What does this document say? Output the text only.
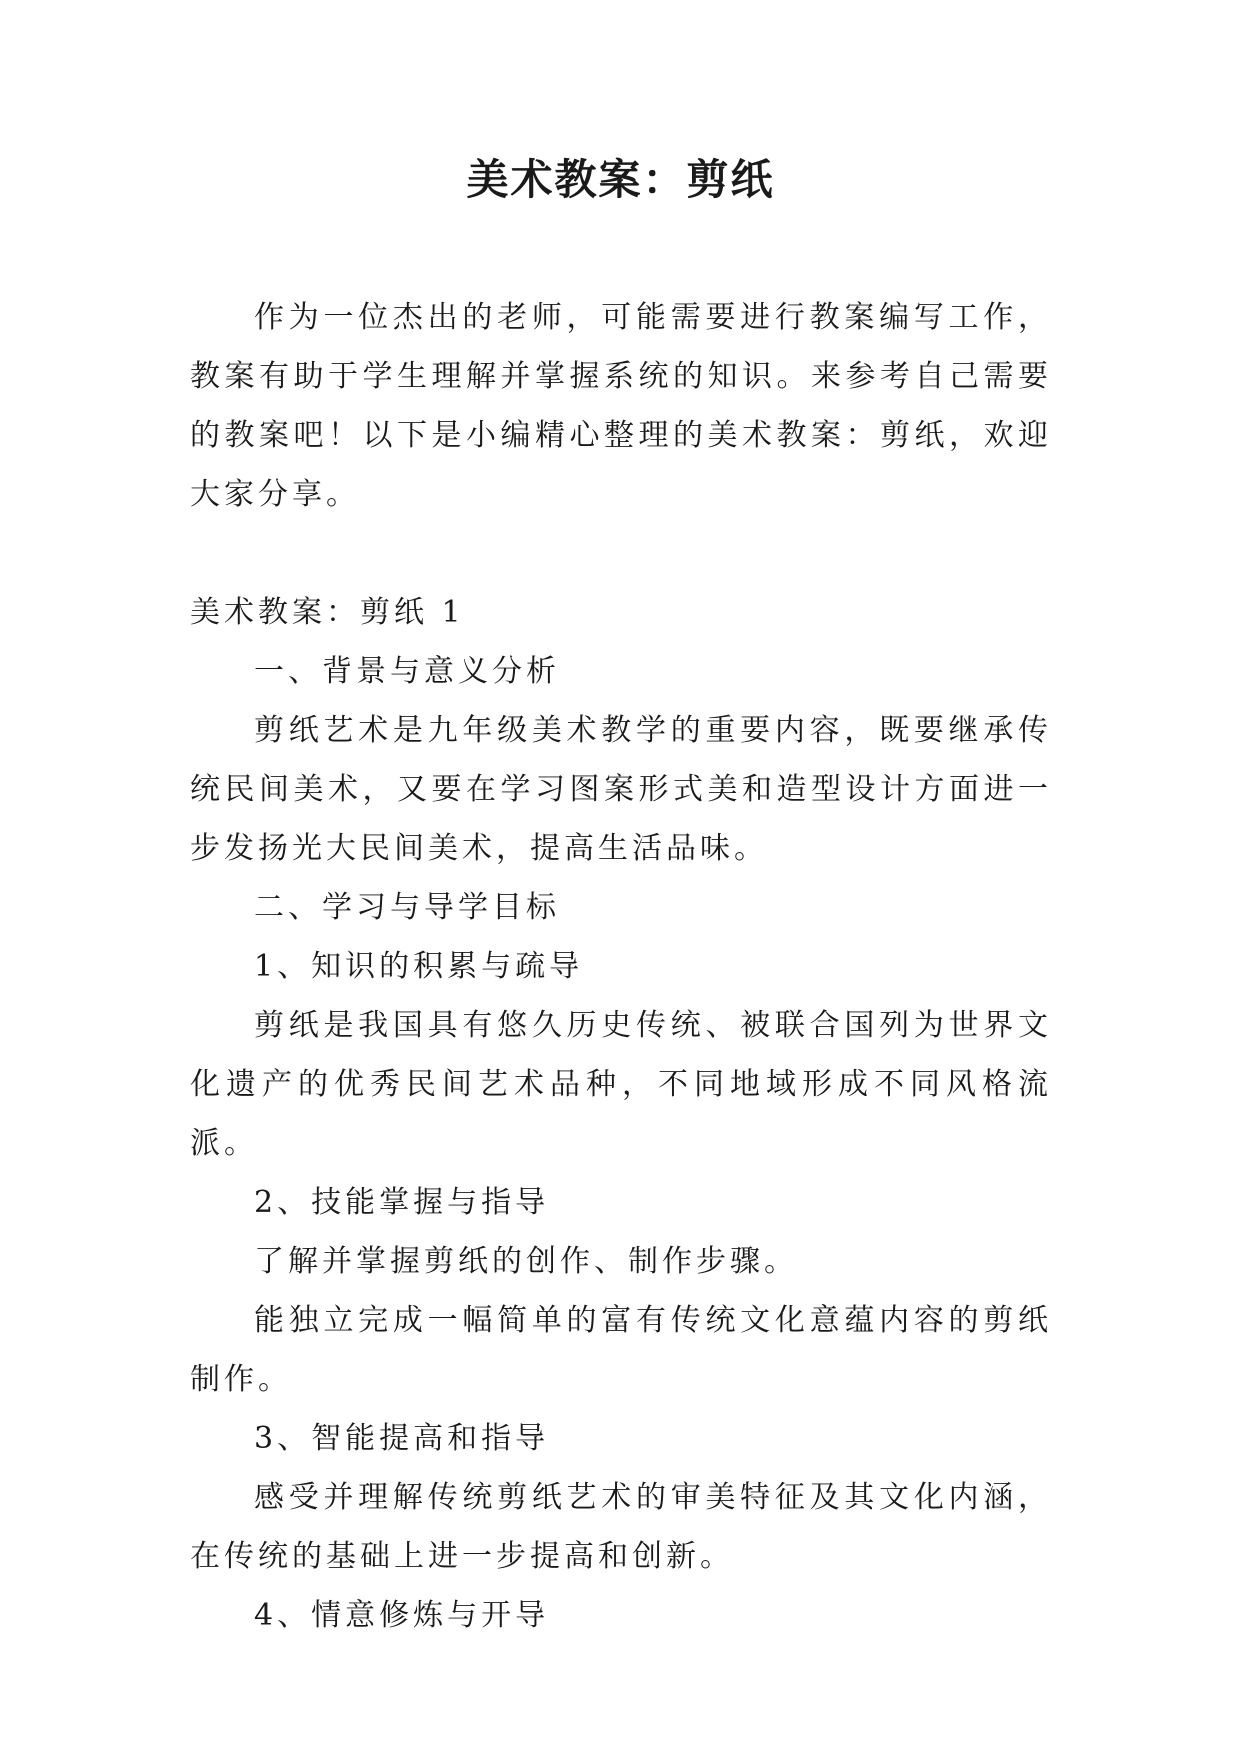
美术教案：剪纸

作为一位杰出的老师，可能需要进行教案编写工作，教案有助于学生理解并掌握系统的知识。来参考自己需要的教案吧！以下是小编精心整理的美术教案：剪纸，欢迎大家分享。

美术教案：剪纸 1

一、背景与意义分析

剪纸艺术是九年级美术教学的重要内容，既要继承传统民间美术，又要在学习图案形式美和造型设计方面进一步发扬光大民间美术，提高生活品味。

二、学习与导学目标

1、知识的积累与疏导

剪纸是我国具有悠久历史传统、被联合国列为世界文化遗产的优秀民间艺术品种，不同地域形成不同风格流派。

2、技能掌握与指导

了解并掌握剪纸的创作、制作步骤。

能独立完成一幅简单的富有传统文化意蕴内容的剪纸制作。

3、智能提高和指导

感受并理解传统剪纸艺术的审美特征及其文化内涵，在传统的基础上进一步提高和创新。

4、情意修炼与开导
